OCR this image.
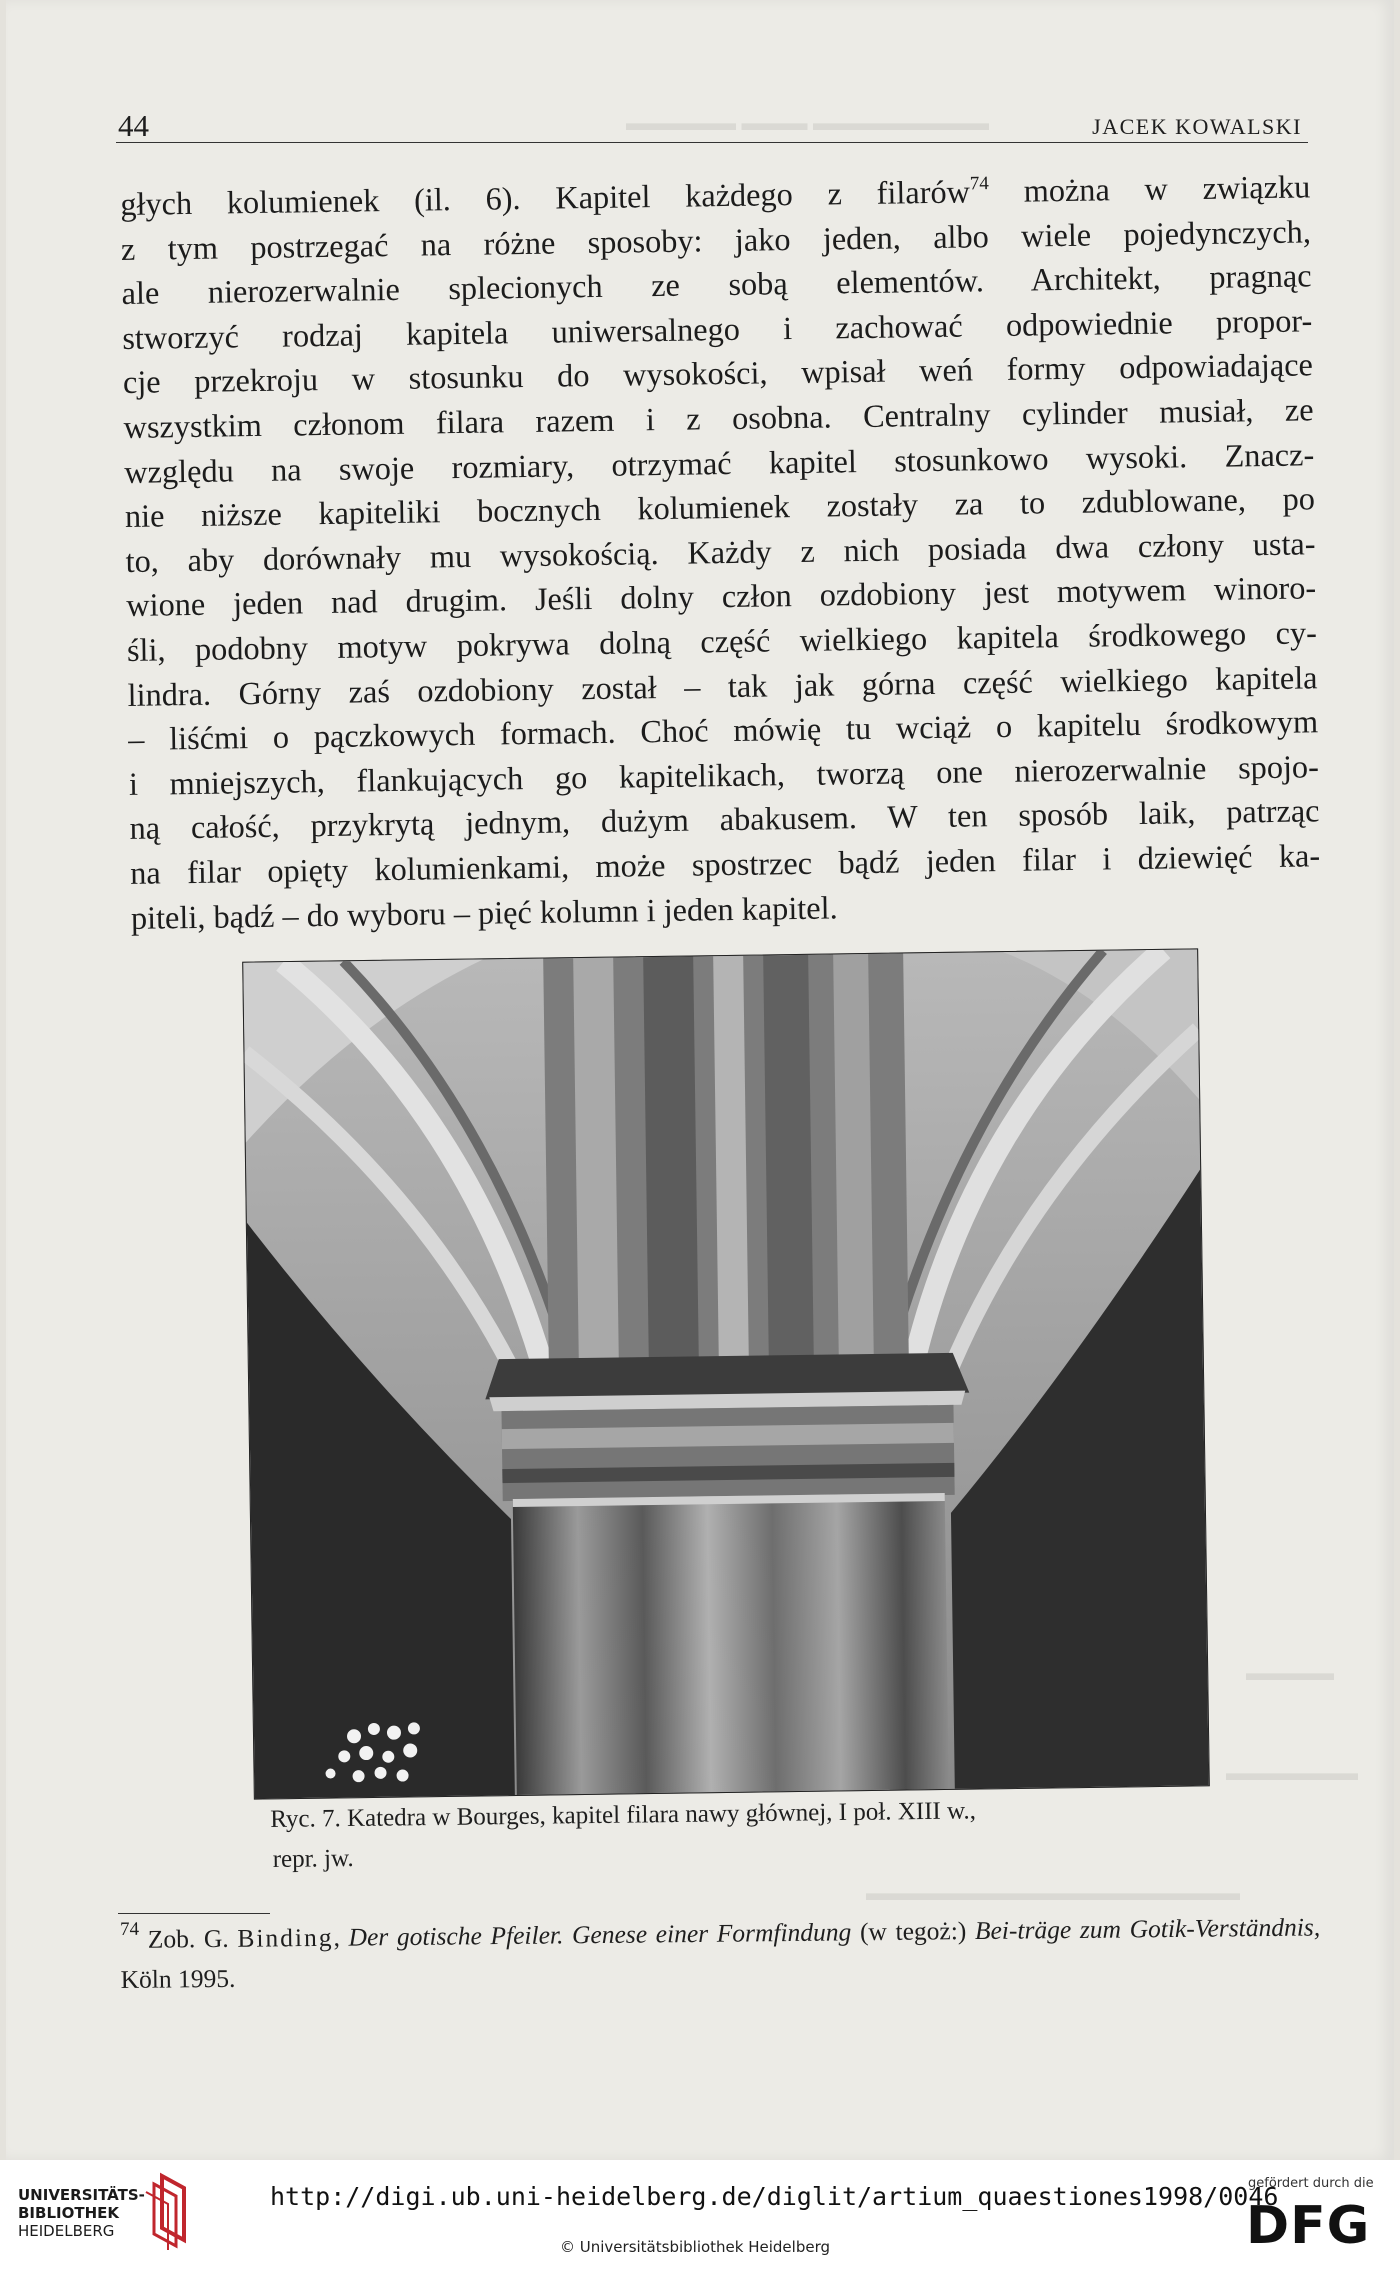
▬▬▬▬▬ ▬▬▬ ▬▬▬▬▬▬▬▬
▬▬▬▬
▬▬▬▬▬▬
▬▬▬▬▬▬▬▬▬▬▬▬▬▬▬▬▬
44	JACEK KOWALSKI
głych kolumienek (il. 6). Kapitel każdego z filarów$^{74}$ można w związku
z tym postrzegać na różne sposoby: jako jeden, albo wiele pojedynczych,
ale nierozerwalnie splecionych ze sobą elementów. Architekt, pragnąc
stworzyć rodzaj kapitela uniwersalnego i zachować odpowiednie propor-
cje przekroju w stosunku do wysokości, wpisał weń formy odpowiadające
wszystkim członom filara razem i z osobna. Centralny cylinder musiał, ze
względu na swoje rozmiary, otrzymać kapitel stosunkowo wysoki. Znacz-
nie niższe kapiteliki bocznych kolumienek zostały za to zdublowane, po
to, aby dorównały mu wysokością. Każdy z nich posiada dwa człony usta-
wione jeden nad drugim. Jeśli dolny człon ozdobiony jest motywem winoro-
śli, podobny motyw pokrywa dolną część wielkiego kapitela środkowego cy-
lindra. Górny zaś ozdobiony został – tak jak górna część wielkiego kapitela
– liśćmi o pączkowych formach. Choć mówię tu wciąż o kapitelu środkowym
i mniejszych, flankujących go kapitelikach, tworzą one nierozerwalnie spojo-
ną całość, przykrytą jednym, dużym abakusem. W ten sposób laik, patrząc
na filar opięty kolumienkami, może spostrzec bądź jeden filar i dziewięć ka-
piteli, bądź – do wyboru – pięć kolumn i jeden kapitel.
Ryc. 7. Katedra w Bourges, kapitel filara nawy głównej, I poł. XIII w.,
repr. jw.
$^{74}$ Zob. G. Binding, Der gotische Pfeiler. Genese einer Formfindung (w tegoż:) Bei-träge zum Gotik-Verständnis, Köln 1995.
UNIVERSITÄTS-
BIBLIOTHEK
HEIDELBERG
http://digi.ub.uni-heidelberg.de/diglit/artium_quaestiones1998/0046
© Universitätsbibliothek Heidelberg
gefördert durch die
DFG
